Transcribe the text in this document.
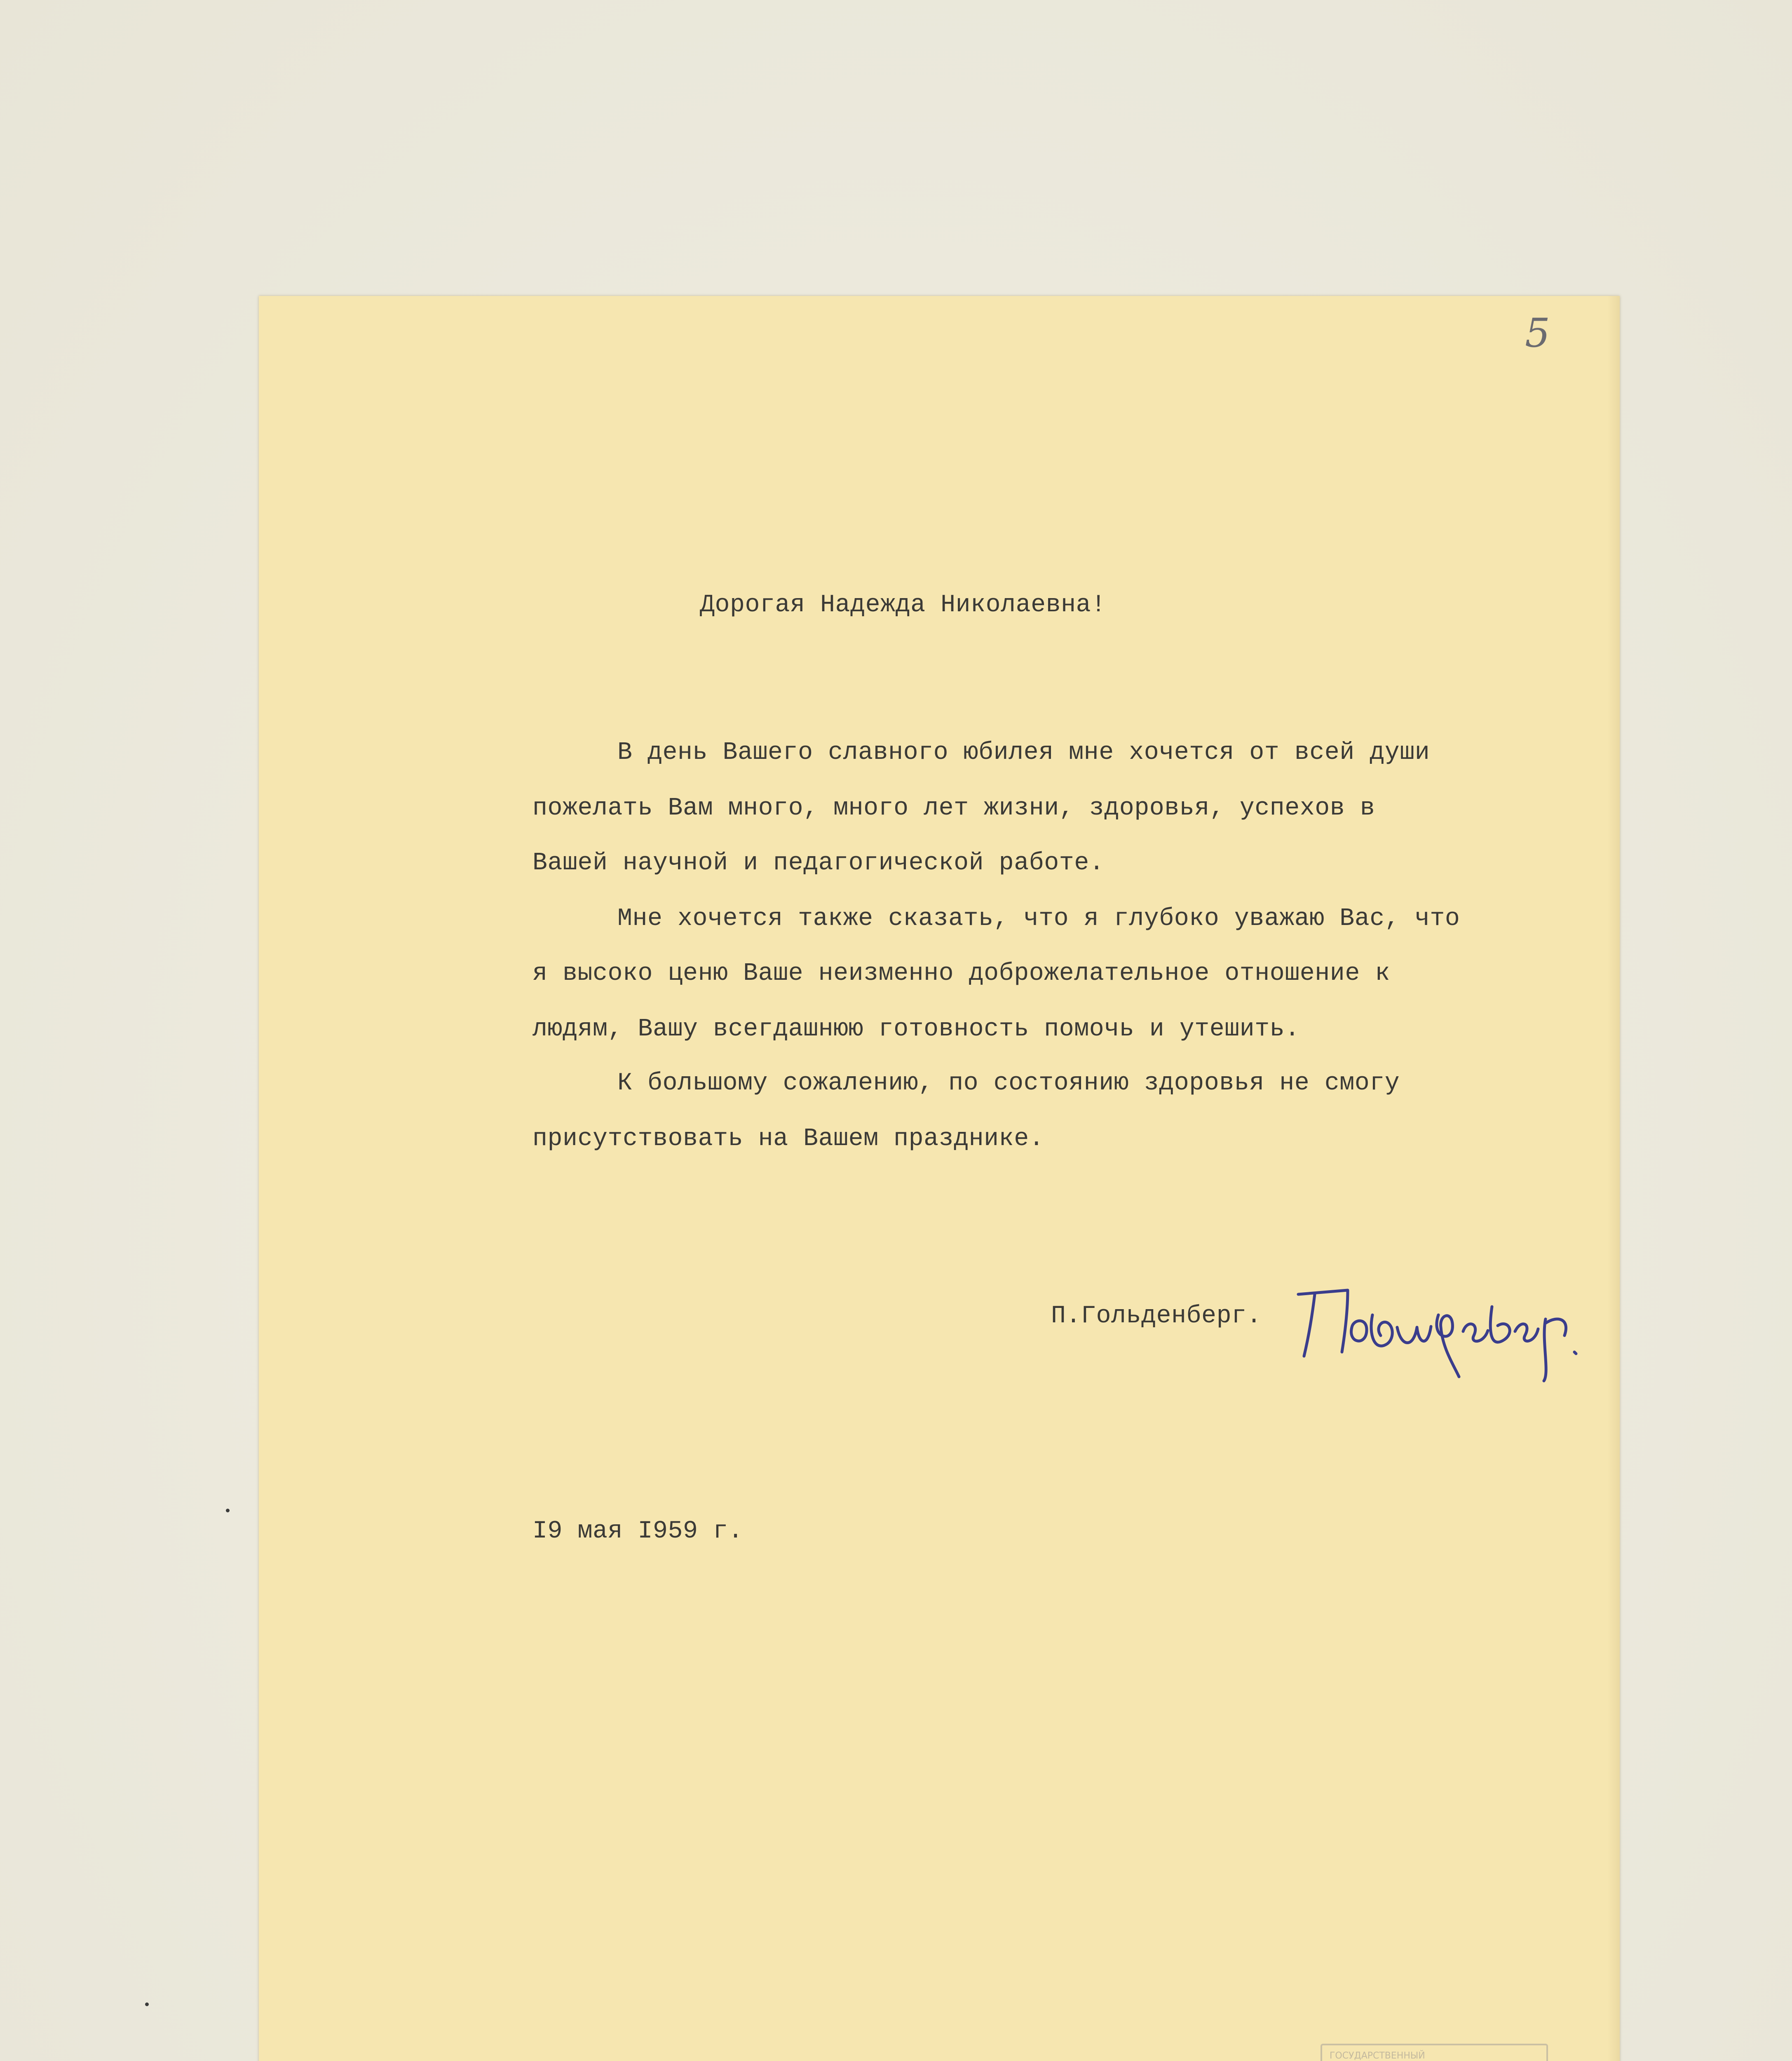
5
Дорогая Надежда Николаевна!
В день Вашего славного юбилея мне хочется от всей души
пожелать Вам много, много лет жизни, здоровья, успехов в
Вашей научной и педагогической работе.
Мне хочется также сказать, что я глубоко уважаю Вас, что
я высоко ценю Ваше неизменно доброжелательное отношение к
людям, Вашу всегдашнюю готовность помочь и утешить.
К большому сожалению, по состоянию здоровья не смогу
присутствовать на Вашем празднике.
П.Гольденберг.
I9 мая I959 г.
ГОСУДАРСТВЕННЫЙ
